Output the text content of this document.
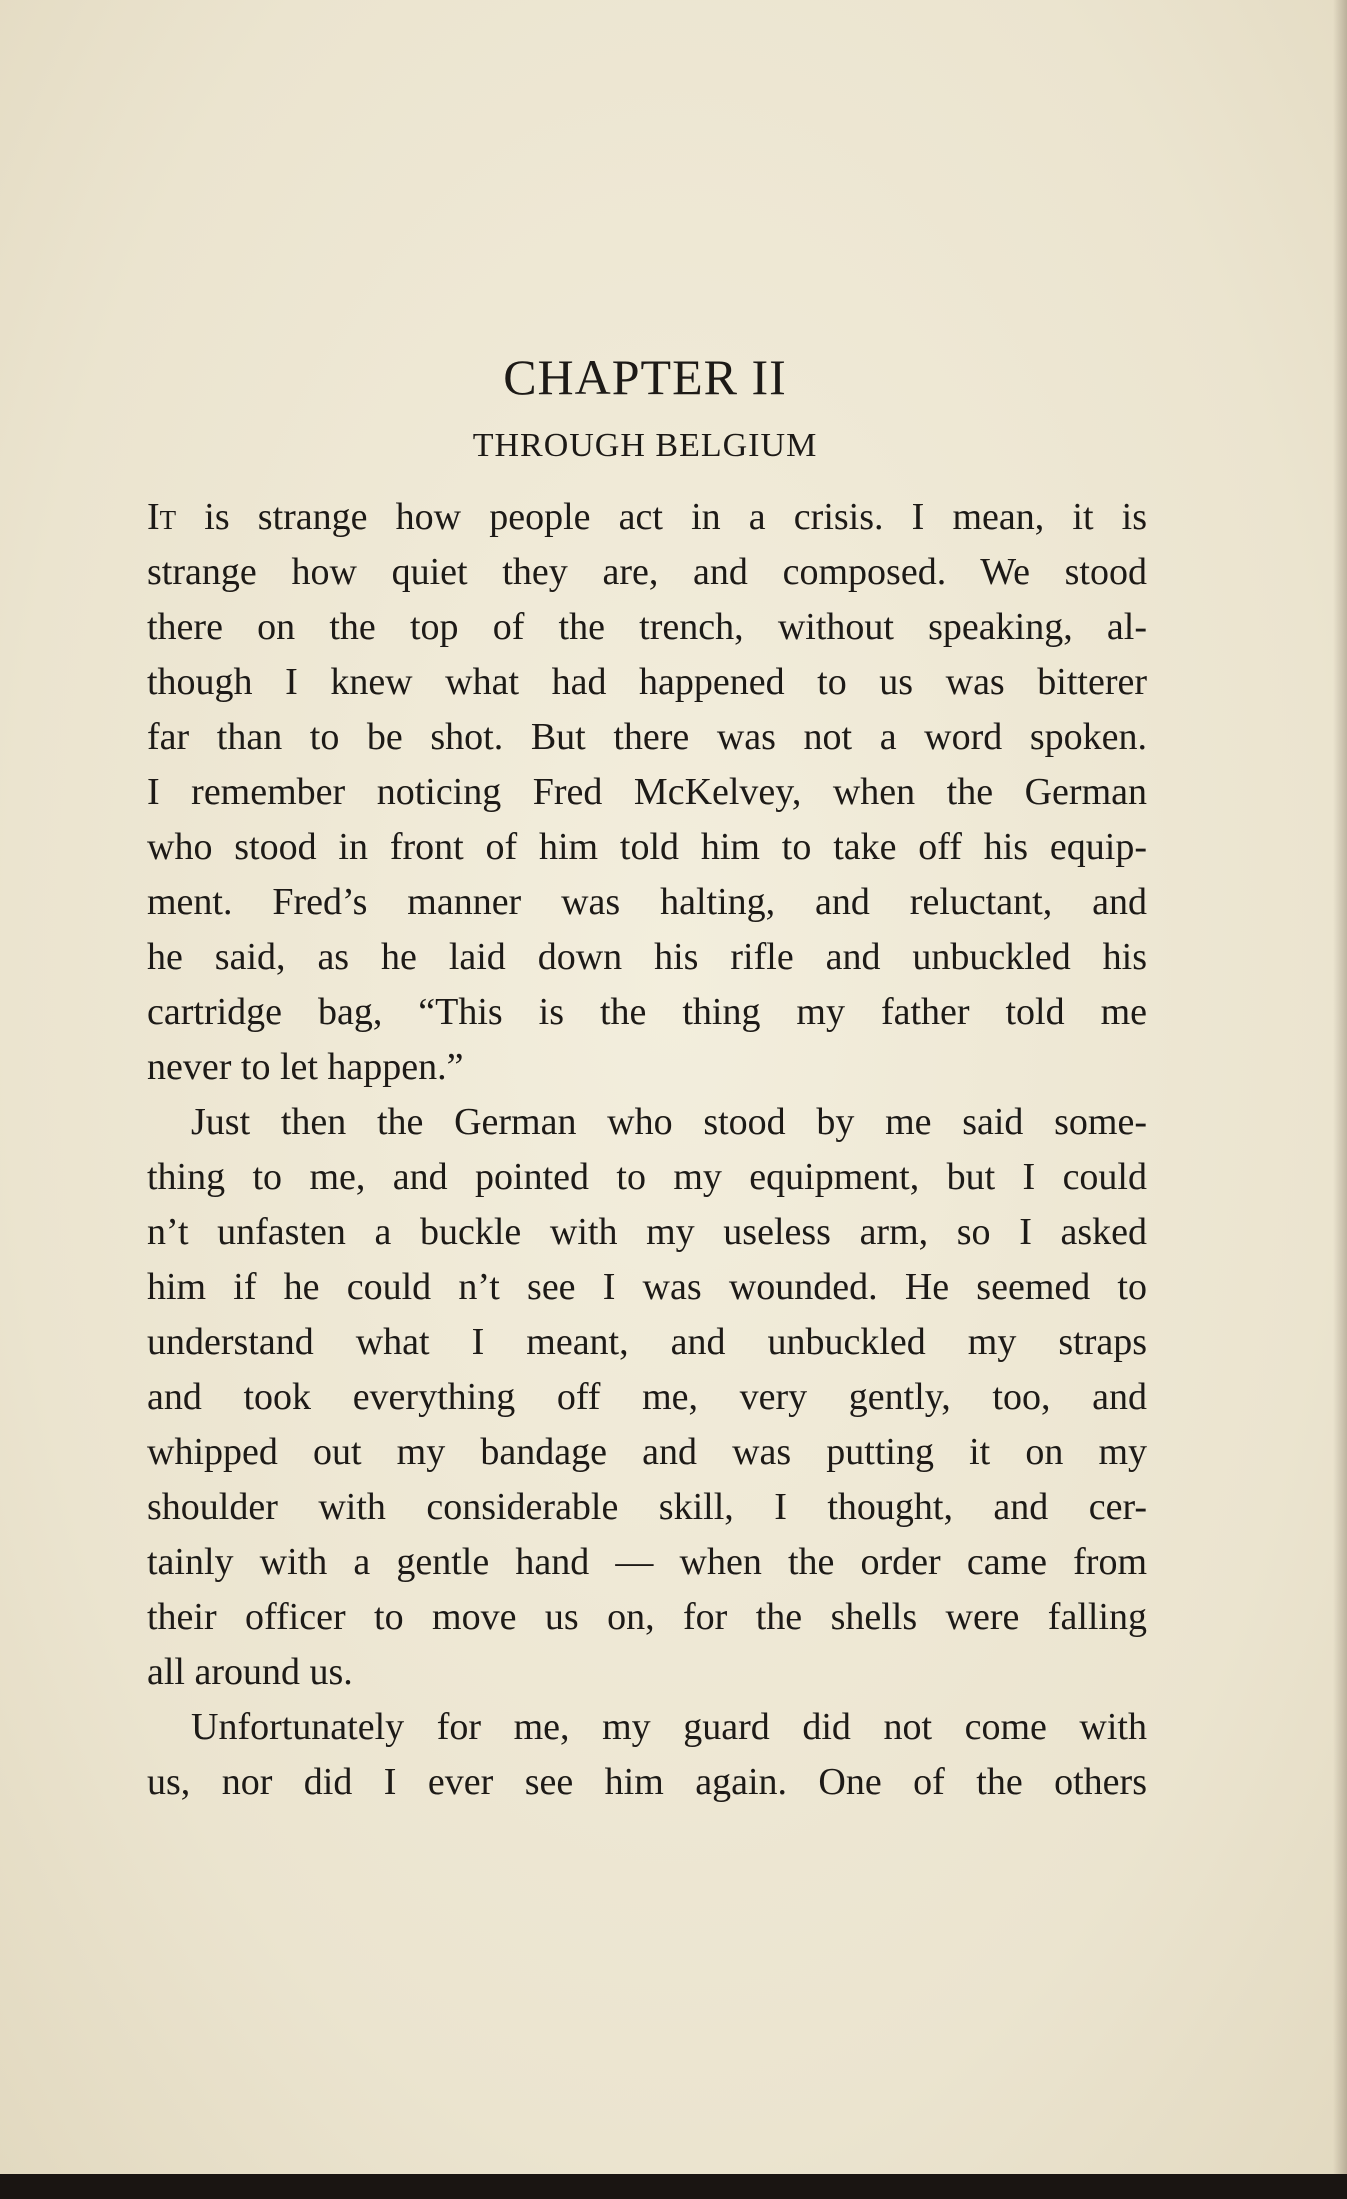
CHAPTER II
THROUGH BELGIUM
It is strange how people act in a crisis. I mean, it is
strange how quiet they are, and composed. We stood
there on the top of the trench, without speaking, al-
though I knew what had happened to us was bitterer
far than to be shot. But there was not a word spoken.
I remember noticing Fred McKelvey, when the German
who stood in front of him told him to take off his equip-
ment. Fred’s manner was halting, and reluctant, and
he said, as he laid down his rifle and unbuckled his
cartridge bag, “This is the thing my father told me
never to let happen.”
Just then the German who stood by me said some-
thing to me, and pointed to my equipment, but I could
n’t unfasten a buckle with my useless arm, so I asked
him if he could n’t see I was wounded. He seemed to
understand what I meant, and unbuckled my straps
and took everything off me, very gently, too, and
whipped out my bandage and was putting it on my
shoulder with considerable skill, I thought, and cer-
tainly with a gentle hand — when the order came from
their officer to move us on, for the shells were falling
all around us.
Unfortunately for me, my guard did not come with
us, nor did I ever see him again. One of the others
